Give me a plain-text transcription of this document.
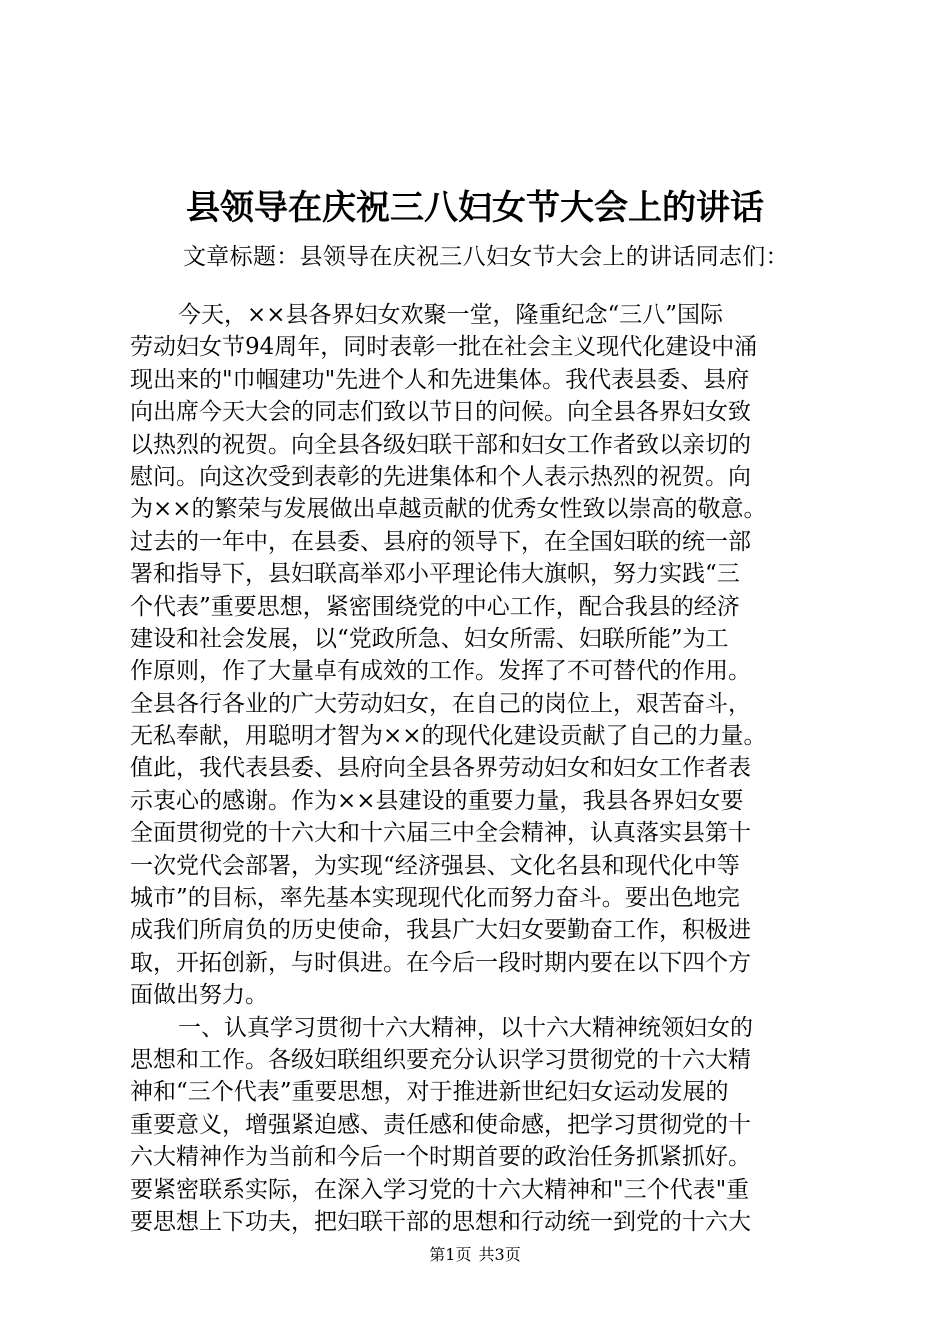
县领导在庆祝三八妇女节大会上的讲话
文章标题：县领导在庆祝三八妇女节大会上的讲话同志们：
今天，××县各界妇女欢聚一堂，隆重纪念“三八”国际
劳动妇女节94周年，同时表彰一批在社会主义现代化建设中涌
现出来的"巾帼建功"先进个人和先进集体。我代表县委、县府
向出席今天大会的同志们致以节日的问候。向全县各界妇女致
以热烈的祝贺。向全县各级妇联干部和妇女工作者致以亲切的
慰问。向这次受到表彰的先进集体和个人表示热烈的祝贺。向
为××的繁荣与发展做出卓越贡献的优秀女性致以崇高的敬意。
过去的一年中，在县委、县府的领导下，在全国妇联的统一部
署和指导下，县妇联高举邓小平理论伟大旗帜，努力实践“三
个代表”重要思想，紧密围绕党的中心工作，配合我县的经济
建设和社会发展，以“党政所急、妇女所需、妇联所能”为工
作原则，作了大量卓有成效的工作。发挥了不可替代的作用。
全县各行各业的广大劳动妇女，在自己的岗位上，艰苦奋斗，
无私奉献，用聪明才智为××的现代化建设贡献了自己的力量。
值此，我代表县委、县府向全县各界劳动妇女和妇女工作者表
示衷心的感谢。作为××县建设的重要力量，我县各界妇女要
全面贯彻党的十六大和十六届三中全会精神，认真落实县第十
一次党代会部署，为实现“经济强县、文化名县和现代化中等
城市”的目标，率先基本实现现代化而努力奋斗。要出色地完
成我们所肩负的历史使命，我县广大妇女要勤奋工作，积极进
取，开拓创新，与时俱进。在今后一段时期内要在以下四个方
面做出努力。
一、认真学习贯彻十六大精神，以十六大精神统领妇女的
思想和工作。各级妇联组织要充分认识学习贯彻党的十六大精
神和“三个代表”重要思想，对于推进新世纪妇女运动发展的
重要意义，增强紧迫感、责任感和使命感，把学习贯彻党的十
六大精神作为当前和今后一个时期首要的政治任务抓紧抓好。
要紧密联系实际，在深入学习党的十六大精神和"三个代表"重
要思想上下功夫，把妇联干部的思想和行动统一到党的十六大
第1页 共3页
